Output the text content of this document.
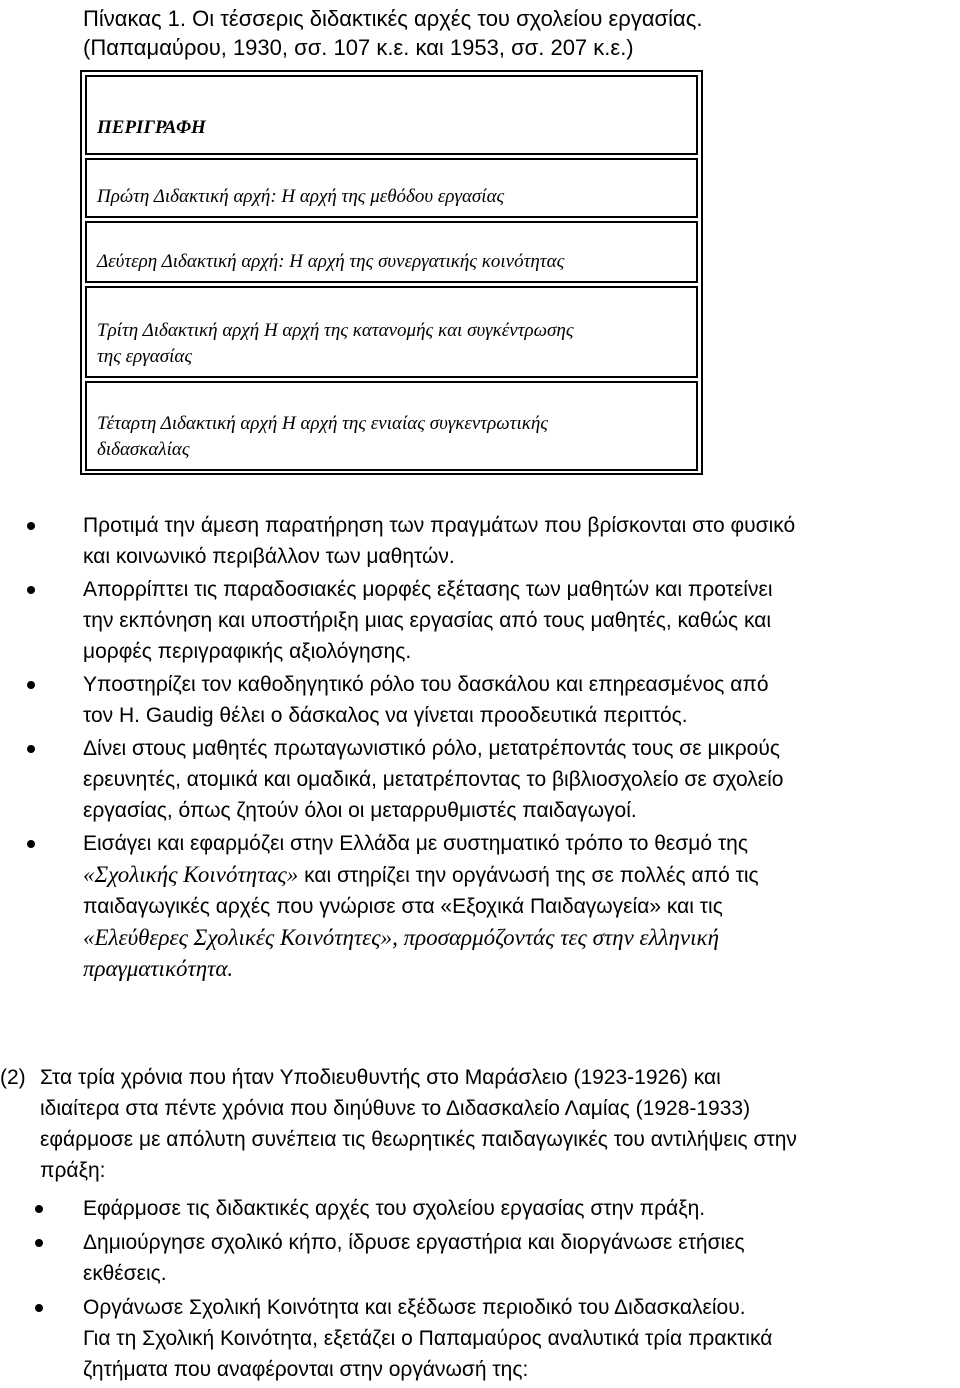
Πίνακας 1. Οι τέσσερις διδακτικές αρχές του σχολείου εργασίας.
(Παπαμαύρου, 1930, σσ. 107 κ.ε. και 1953, σσ. 207 κ.ε.)
ΠΕΡΙΓΡΑΦΗ
Πρώτη Διδακτική αρχή: Η αρχή της μεθόδου εργασίας
Δεύτερη Διδακτική αρχή: Η αρχή της συνεργατικής κοινότητας
Τρίτη Διδακτική αρχή Η αρχή της κατανομής και συγκέντρωσης
της εργασίας
Τέταρτη Διδακτική αρχή Η αρχή της ενιαίας συγκεντρωτικής
διδασκαλίας
Προτιμά την άμεση παρατήρηση των πραγμάτων που βρίσκονται στο φυσικό
και κοινωνικό περιβάλλον των μαθητών.
Απορρίπτει τις παραδοσιακές μορφές εξέτασης των μαθητών και προτείνει
την εκπόνηση και υποστήριξη μιας εργασίας από τους μαθητές, καθώς και
μορφές περιγραφικής αξιολόγησης.
Υποστηρίζει τον καθοδηγητικό ρόλο του δασκάλου και επηρεασμένος από
τον H. Gaudig θέλει ο δάσκαλος να γίνεται προοδευτικά περιττός.
Δίνει στους μαθητές πρωταγωνιστικό ρόλο, μετατρέποντάς τους σε μικρούς
ερευνητές, ατομικά και ομαδικά, μετατρέποντας το βιβλιοσχολείο σε σχολείο
εργασίας, όπως ζητούν όλοι οι μεταρρυθμιστές παιδαγωγοί.
Εισάγει και εφαρμόζει στην Ελλάδα με συστηματικό τρόπο το θεσμό της
«Σχολικής Κοινότητας» και στηρίζει την οργάνωσή της σε πολλές από τις
παιδαγωγικές αρχές που γνώρισε στα «Εξοχικά Παιδαγωγεία» και τις
«Ελεύθερες Σχολικές Κοινότητες», προσαρμόζοντάς τες στην ελληνική
πραγματικότητα.
(2) Στα τρία χρόνια που ήταν Υποδιευθυντής στο Μαράσλειο (1923-1926) και
ιδιαίτερα στα πέντε χρόνια που διηύθυνε το Διδασκαλείο Λαμίας (1928-1933)
εφάρμοσε με απόλυτη συνέπεια τις θεωρητικές παιδαγωγικές του αντιλήψεις στην
πράξη:
Εφάρμοσε τις διδακτικές αρχές του σχολείου εργασίας στην πράξη.
Δημιούργησε σχολικό κήπο, ίδρυσε εργαστήρια και διοργάνωσε ετήσιες
εκθέσεις.
Οργάνωσε Σχολική Κοινότητα και εξέδωσε περιοδικό του Διδασκαλείου.
Για τη Σχολική Κοινότητα, εξετάζει ο Παπαμαύρος αναλυτικά τρία πρακτικά
ζητήματα που αναφέρονται στην οργάνωσή της:
